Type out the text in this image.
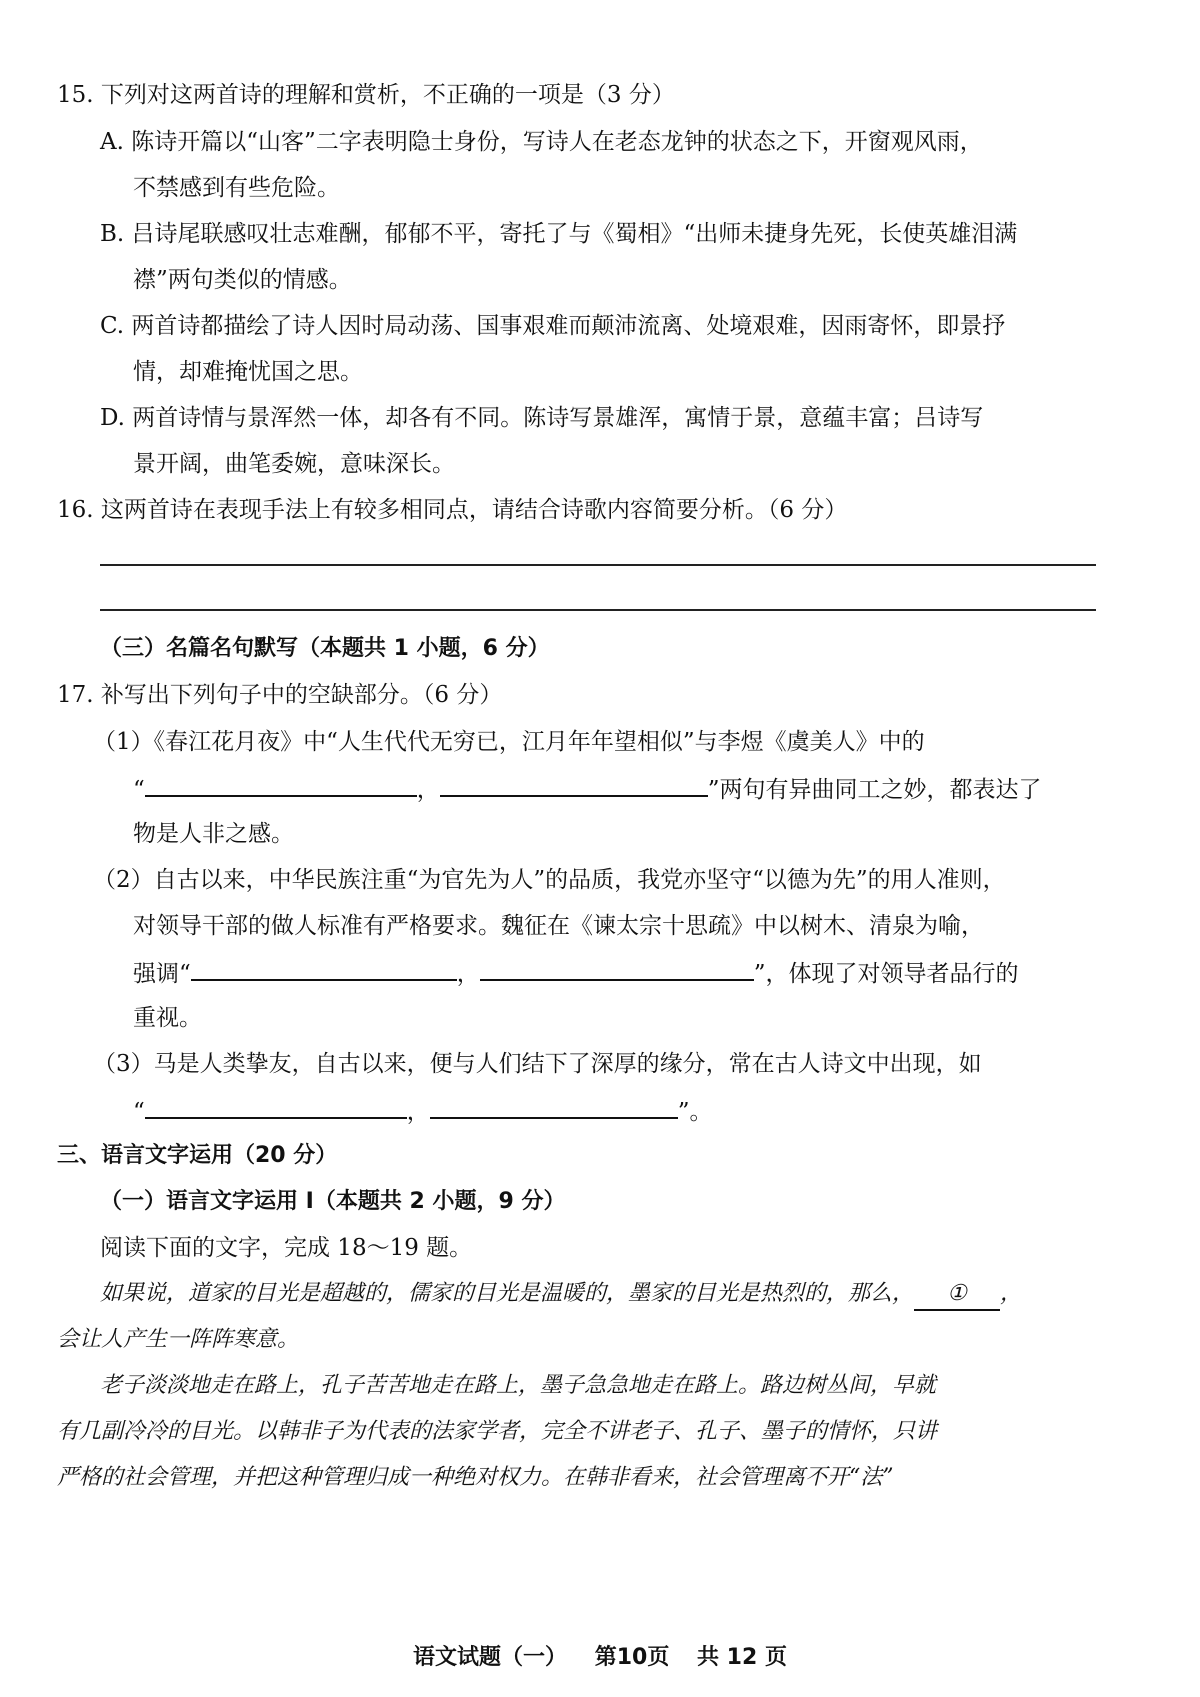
15. 下列对这两首诗的理解和赏析，不正确的一项是（3 分）
A. 陈诗开篇以“山客”二字表明隐士身份，写诗人在老态龙钟的状态之下，开窗观风雨，
不禁感到有些危险。
B. 吕诗尾联感叹壮志难酬，郁郁不平，寄托了与《蜀相》“出师未捷身先死，长使英雄泪满
襟”两句类似的情感。
C. 两首诗都描绘了诗人因时局动荡、国事艰难而颠沛流离、处境艰难，因雨寄怀，即景抒
情，却难掩忧国之思。
D. 两首诗情与景浑然一体，却各有不同。陈诗写景雄浑，寓情于景，意蕴丰富；吕诗写
景开阔，曲笔委婉，意味深长。
16. 这两首诗在表现手法上有较多相同点，请结合诗歌内容简要分析。（6 分）
（三）名篇名句默写（本题共 1 小题，6 分）
17. 补写出下列句子中的空缺部分。（6 分）
（1）《春江花月夜》中“人生代代无穷已，江月年年望相似”与李煜《虞美人》中的
“	，	”两句有异曲同工之妙，都表达了
物是人非之感。
（2）自古以来，中华民族注重“为官先为人”的品质，我党亦坚守“以德为先”的用人准则，
对领导干部的做人标准有严格要求。魏征在《谏太宗十思疏》中以树木、清泉为喻，
强调“	，	”，体现了对领导者品行的
重视。
（3）马是人类挚友，自古以来，便与人们结下了深厚的缘分，常在古人诗文中出现，如
“	，	”。
三、语言文字运用（20 分）
（一）语言文字运用 Ⅰ（本题共 2 小题，9 分）
阅读下面的文字，完成 18～19 题。
如果说，道家的目光是超越的，儒家的目光是温暖的，墨家的目光是热烈的，那么， ① ，
会让人产生一阵阵寒意。
老子淡淡地走在路上，孔子苦苦地走在路上，墨子急急地走在路上。路边树丛间，早就
有几副冷冷的目光。以韩非子为代表的法家学者，完全不讲老子、孔子、墨子的情怀，只讲
严格的社会管理，并把这种管理归成一种绝对权力。在韩非看来，社会管理离不开“法”
语文试题（一） 第10页 共 12 页
